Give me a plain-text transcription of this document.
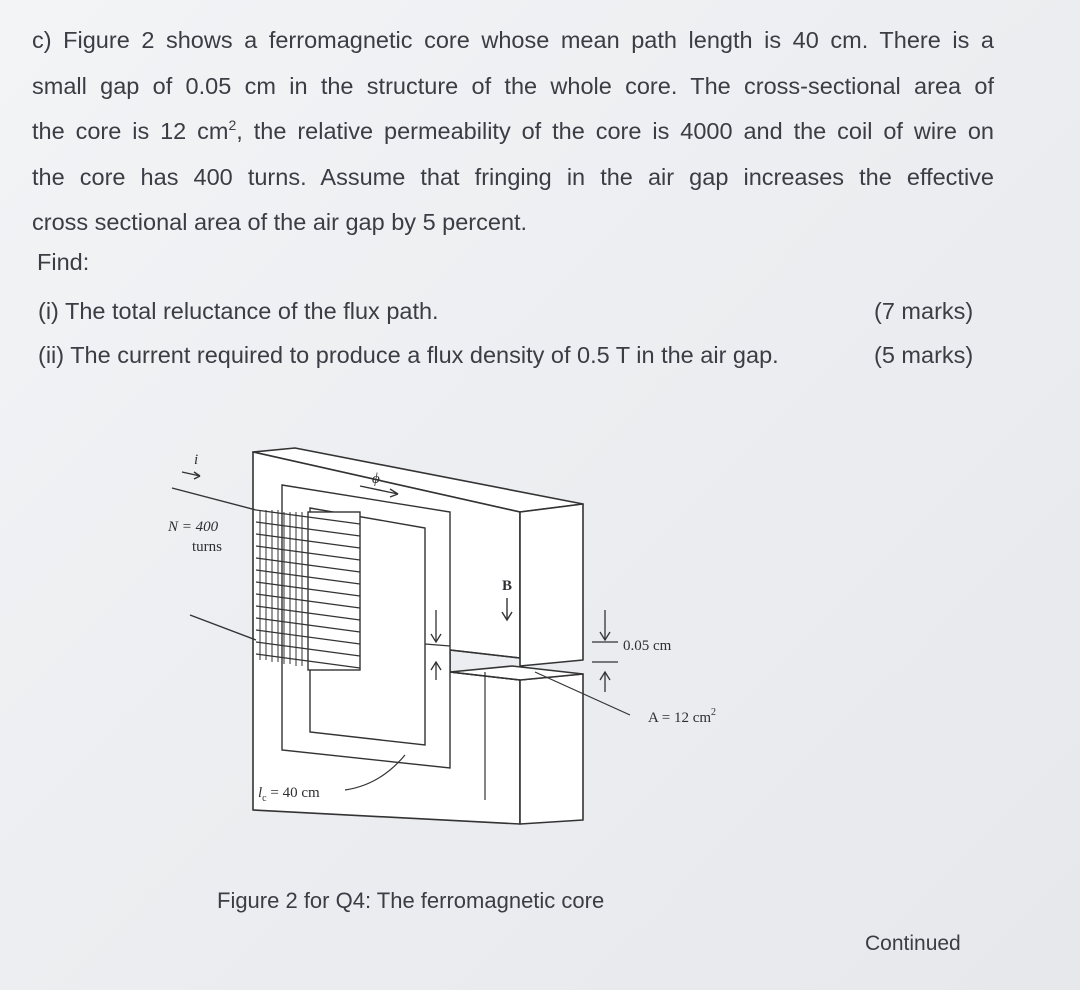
c) Figure 2 shows a ferromagnetic core whose mean path length is 40 cm. There is a
small gap of 0.05 cm in the structure of the whole core. The cross-sectional area of
the core is 12 $cm^2$, the relative permeability of the core is 4000 and the coil of wire on
the core has 400 turns. Assume that fringing in the air gap increases the effective
cross sectional area of the air gap by 5 percent.
Find:
(i) The total reluctance of the flux path.	(7 marks)
(ii) The current required to produce a flux density of 0.5 T in the air gap.	(5 marks)
i
N = 400
turns
ϕ
B
0.05 cm
A = 12 $cm^2$
$l_c = 40$ cm
Figure 2 for Q4: The ferromagnetic core
Continued
